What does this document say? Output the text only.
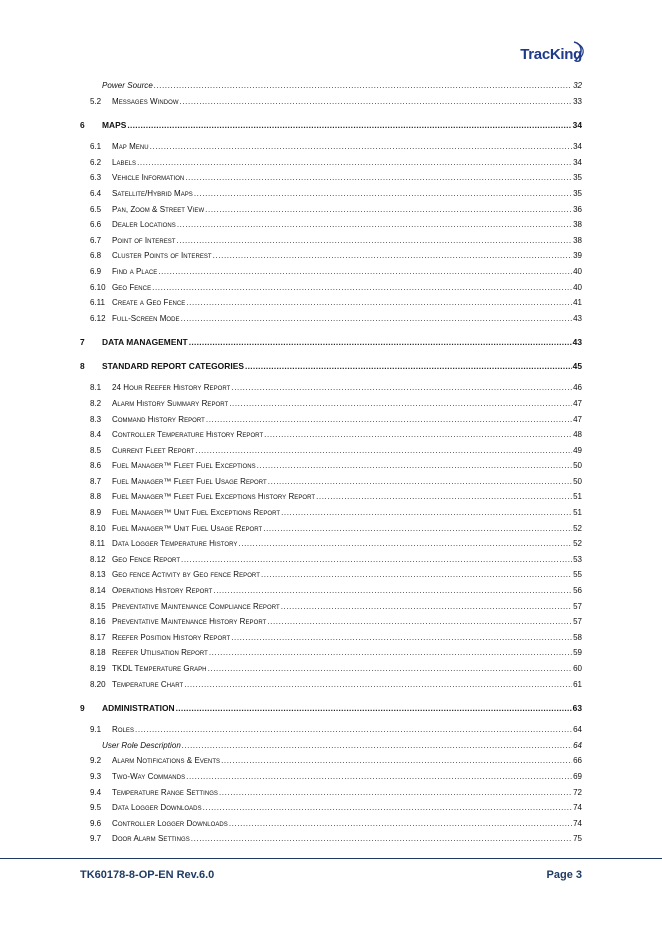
TracKing
Power Source .....	32
5.2	Messages Window .....	33
6	MAPS .....	34
6.1	Map Menu .....	34
6.2	Labels .....	34
6.3	Vehicle Information .....	35
6.4	Satellite/Hybrid Maps .....	35
6.5	Pan, Zoom & Street View .....	36
6.6	Dealer Locations .....	38
6.7	Point of Interest .....	38
6.8	Cluster Points of Interest .....	39
6.9	Find a Place .....	40
6.10 Geo Fence .....	40
6.11 Create a Geo Fence .....	41
6.12 Full-Screen Mode .....	43
7	DATA MANAGEMENT .....	43
8	STANDARD REPORT CATEGORIES .....	45
8.1	24 Hour Reefer History Report .....	46
8.2	Alarm History Summary Report .....	47
8.3	Command History Report .....	47
8.4	Controller Temperature History Report .....	48
8.5	Current Fleet Report .....	49
8.6	Fuel Manager™ Fleet Fuel Exceptions .....	50
8.7	Fuel Manager™ Fleet Fuel Usage Report .....	50
8.8	Fuel Manager™ Fleet Fuel Exceptions History Report .....	51
8.9	Fuel Manager™ Unit Fuel Exceptions Report .....	51
8.10 Fuel Manager™ Unit Fuel Usage Report .....	52
8.11 Data Logger Temperature History .....	52
8.12 Geo Fence Report .....	53
8.13 Geo fence Activity by Geo fence Report .....	55
8.14 Operations History Report .....	56
8.15 Preventative Maintenance Compliance Report .....	57
8.16 Preventative Maintenance History Report .....	57
8.17 Reefer Position History Report .....	58
8.18 Reefer Utilisation Report .....	59
8.19 TKDL Temperature Graph .....	60
8.20 Temperature Chart .....	61
9	ADMINISTRATION .....	63
9.1	Roles .....	64
User Role Description .....	64
9.2	Alarm Notifications & Events .....	66
9.3	Two-Way Commands .....	69
9.4	Temperature Range Settings .....	72
9.5	Data Logger Downloads .....	74
9.6	Controller Logger Downloads .....	74
9.7	Door Alarm Settings .....	75
TK60178-8-OP-EN Rev.6.0	Page 3
